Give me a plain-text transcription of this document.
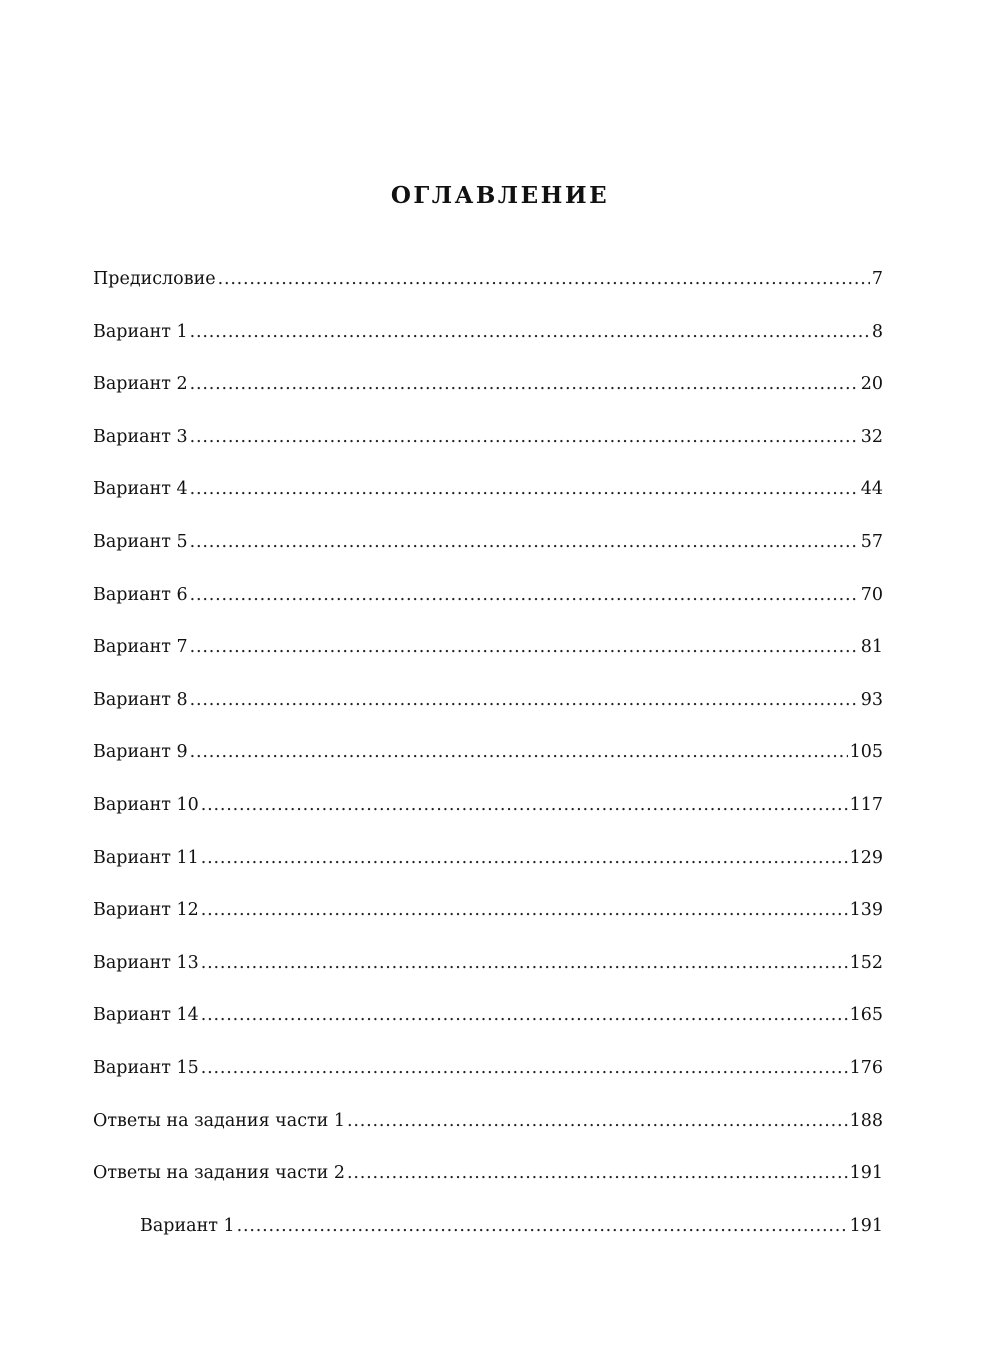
ОГЛАВЛЕНИЕ
Предисловие .....	7
Вариант 1 .....	8
Вариант 2 .....	20
Вариант 3 .....	32
Вариант 4 .....	44
Вариант 5 .....	57
Вариант 6 .....	70
Вариант 7 .....	81
Вариант 8 .....	93
Вариант 9 .....	105
Вариант 10 .....	117
Вариант 11 .....	129
Вариант 12 .....	139
Вариант 13 .....	152
Вариант 14 .....	165
Вариант 15 .....	176
Ответы на задания части 1 .....	188
Ответы на задания части 2 .....	191
Вариант 1 .....	191
